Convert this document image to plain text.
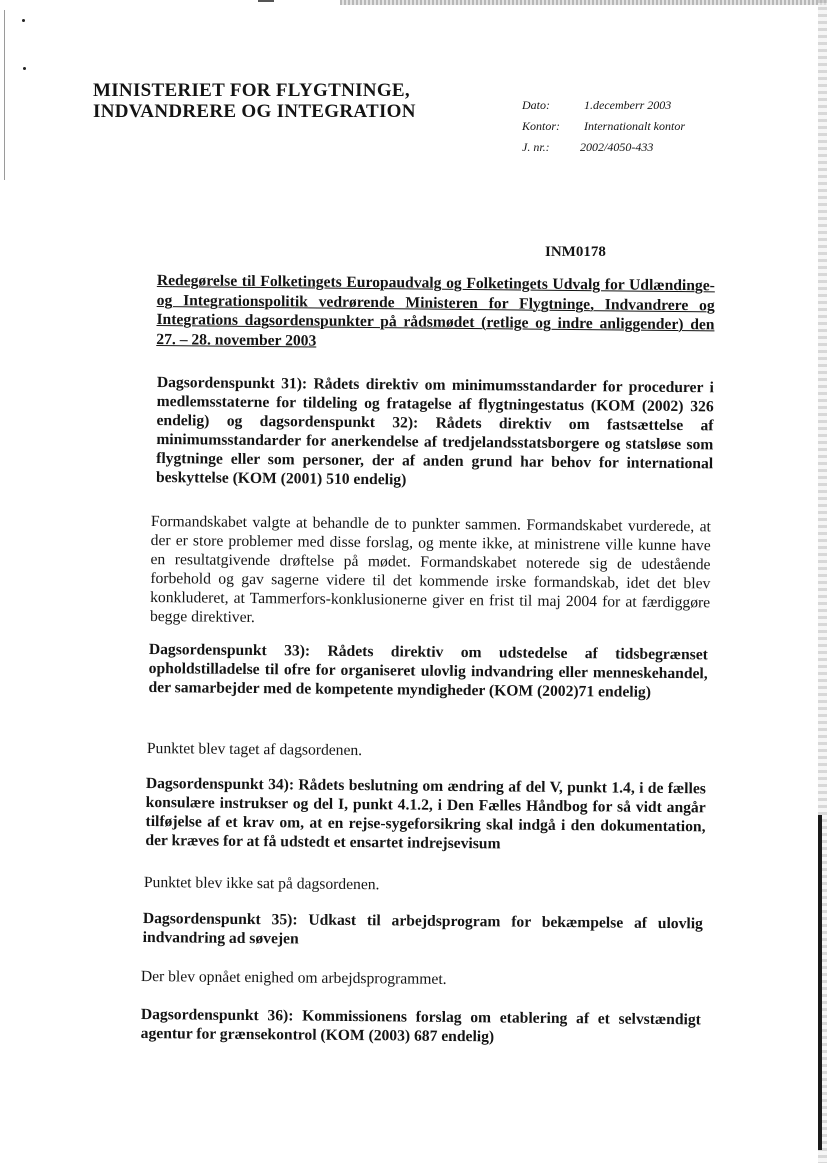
MINISTERIET FOR FLYGTNINGE,
INDVANDRERE OG INTEGRATION	Dato:	1.decemberr 2003
Kontor:	Internationalt kontor
J. nr.:	2002/4050-433
INM0178
Redegørelse til Folketingets Europaudvalg og Folketingets Udvalg for Udlændinge- og Integrationspolitik vedrørende Ministeren for Flygtninge, Indvandrere og Integrations dagsordenspunkter på rådsmødet (retlige og indre anliggender) den 27. – 28. november 2003
Dagsordenspunkt 31): Rådets direktiv om minimumsstandarder for procedurer i medlemsstaterne for tildeling og fratagelse af flygtningestatus (KOM (2002) 326 endelig) og dagsordenspunkt 32): Rådets direktiv om fastsættelse af minimumsstandarder for anerkendelse af tredjelandsstatsborgere og statsløse som flygtninge eller som personer, der af anden grund har behov for international beskyttelse (KOM (2001) 510 endelig)
Formandskabet valgte at behandle de to punkter sammen. Formandskabet vurderede, at der er store problemer med disse forslag, og mente ikke, at ministrene ville kunne have en resultatgivende drøftelse på mødet. Formandskabet noterede sig de udestående forbehold og gav sagerne videre til det kommende irske formandskab, idet det blev konkluderet, at Tammerfors-konklusionerne giver en frist til maj 2004 for at færdiggøre begge direktiver.
Dagsordenspunkt 33): Rådets direktiv om udstedelse af tidsbegrænset opholdstilladelse til ofre for organiseret ulovlig indvandring eller menneskehandel, der samarbejder med de kompetente myndigheder (KOM (2002)71 endelig)
Punktet blev taget af dagsordenen.
Dagsordenspunkt 34): Rådets beslutning om ændring af del V, punkt 1.4, i de fælles konsulære instrukser og del I, punkt 4.1.2, i Den Fælles Håndbog for så vidt angår tilføjelse af et krav om, at en rejse-sygeforsikring skal indgå i den dokumentation, der kræves for at få udstedt et ensartet indrejsevisum
Punktet blev ikke sat på dagsordenen.
Dagsordenspunkt 35): Udkast til arbejdsprogram for bekæmpelse af ulovlig indvandring ad søvejen
Der blev opnået enighed om arbejdsprogrammet.
Dagsordenspunkt 36): Kommissionens forslag om etablering af et selvstændigt agentur for grænsekontrol (KOM (2003) 687 endelig)
